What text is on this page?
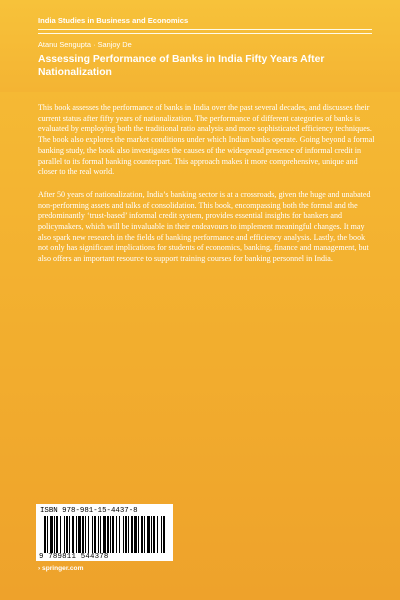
India Studies in Business and Economics
Atanu Sengupta · Sanjoy De
Assessing Performance of Banks in India Fifty Years After Nationalization

This book assesses the performance of banks in India over the past several decades, and discusses their current status after fifty years of nationalization. The performance of different categories of banks is evaluated by employing both the traditional ratio analysis and more sophisticated efficiency techniques. The book also explores the market conditions under which Indian banks operate. Going beyond a formal banking study, the book also investigates the causes of the widespread presence of informal credit in parallel to its formal banking counterpart. This approach makes it more comprehensive, unique and closer to the real world.

After 50 years of nationalization, India’s banking sector is at a crossroads, given the huge and unabated non-performing assets and talks of consolidation. This book, encompassing both the formal and the predominantly ‘trust-based’ informal credit system, provides essential insights for bankers and policymakers, which will be invaluable in their endeavours to implement meaningful changes. It may also spark new research in the fields of banking performance and efficiency analysis. Lastly, the book not only has significant implications for students of economics, banking, finance and management, but also offers an important resource to support training courses for banking personnel in India.

ISBN 978-981-15-4437-8
9 789811 544378
› springer.com
